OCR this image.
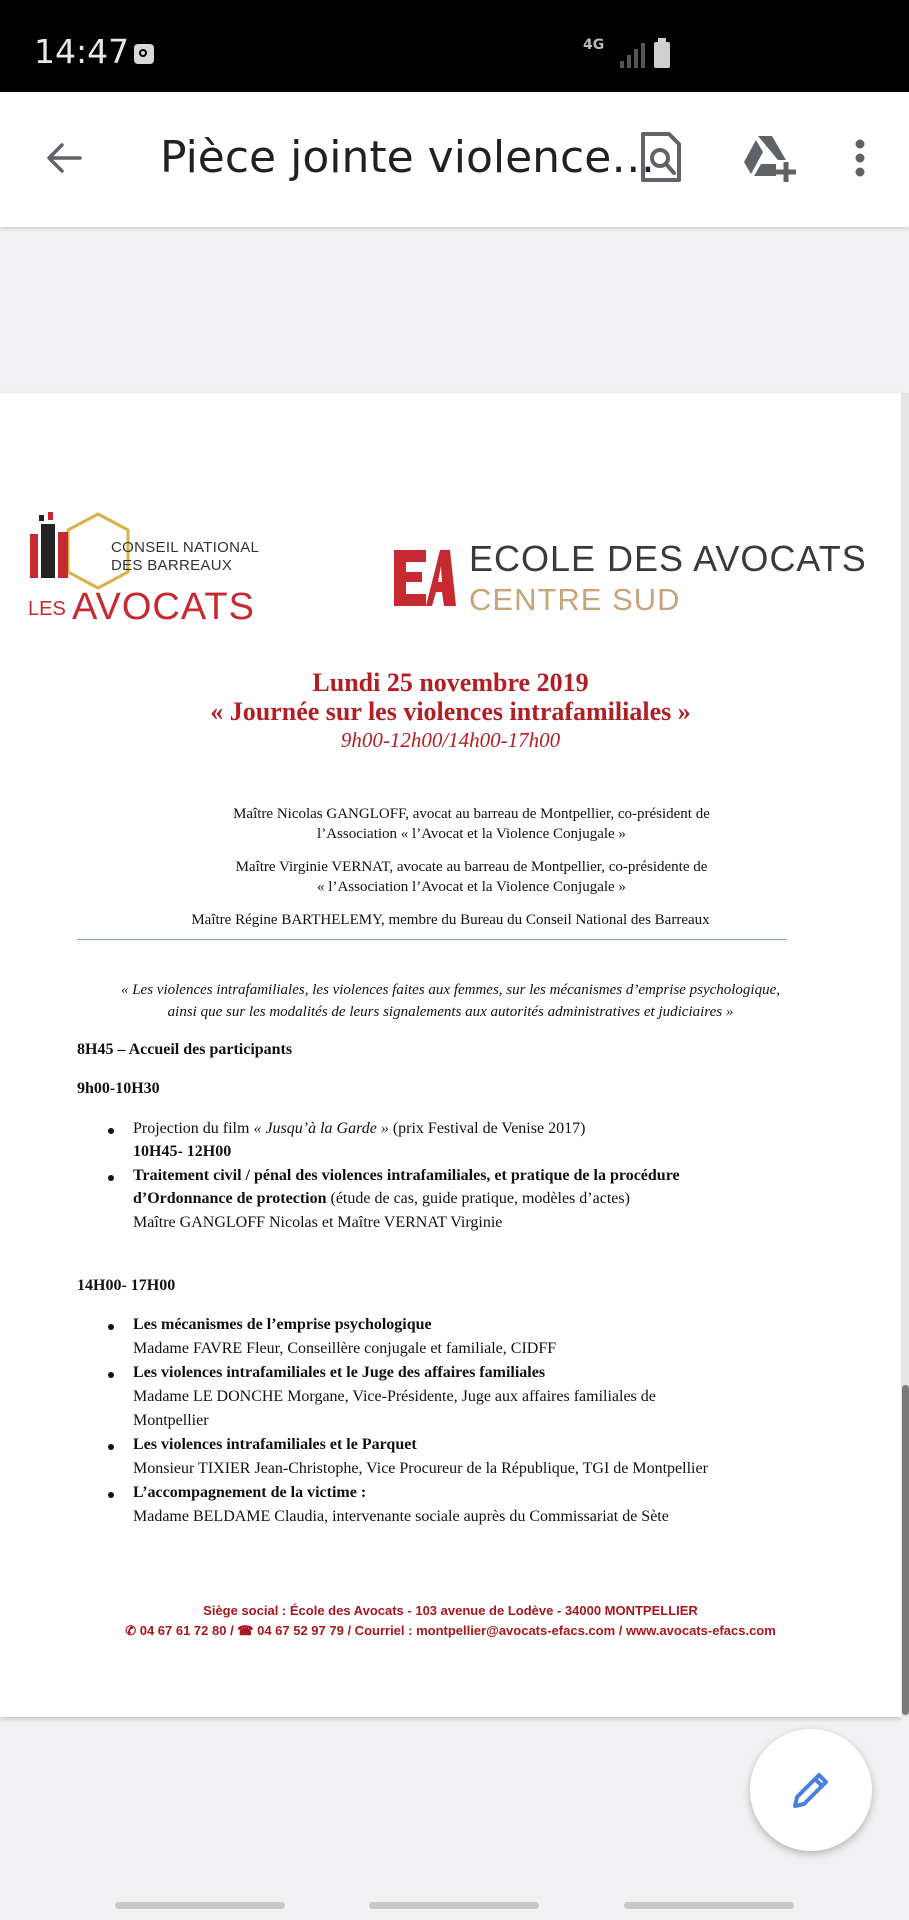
14:47	4G
Pièce jointe violence…
CONSEIL NATIONAL
DES BARREAUX
LES AVOCATS
ECOLE DES AVOCATS
CENTRE SUD
Lundi 25 novembre 2019
« Journée sur les violences intrafamiliales »
9h00-12h00/14h00-17h00
Maître Nicolas GANGLOFF, avocat au barreau de Montpellier, co-président de
l’Association « l’Avocat et la Violence Conjugale »
Maître Virginie VERNAT, avocate au barreau de Montpellier, co-présidente de
« l’Association l’Avocat et la Violence Conjugale »
Maître Régine BARTHELEMY, membre du Bureau du Conseil National des Barreaux
« Les violences intrafamiliales, les violences faites aux femmes, sur les mécanismes d’emprise psychologique,
ainsi que sur les modalités de leurs signalements aux autorités administratives et judiciaires »
8H45 – Accueil des participants
9h00-10H30
Projection du film « Jusqu’à la Garde » (prix Festival de Venise 2017)
10H45- 12H00
Traitement civil / pénal des violences intrafamiliales, et pratique de la procédure
d’Ordonnance de protection (étude de cas, guide pratique, modèles d’actes)
Maître GANGLOFF Nicolas et Maître VERNAT Virginie
14H00- 17H00
Les mécanismes de l’emprise psychologique
Madame FAVRE Fleur, Conseillère conjugale et familiale, CIDFF
Les violences intrafamiliales et le Juge des affaires familiales
Madame LE DONCHE Morgane, Vice-Présidente, Juge aux affaires familiales de
Montpellier
Les violences intrafamiliales et le Parquet
Monsieur TIXIER Jean-Christophe, Vice Procureur de la République, TGI de Montpellier
L’accompagnement de la victime :
Madame BELDAME Claudia, intervenante sociale auprès du Commissariat de Sète
Siège social : École des Avocats - 103 avenue de Lodève - 34000 MONTPELLIER
✆ 04 67 61 72 80 / ☎ 04 67 52 97 79 / Courriel : montpellier@avocats-efacs.com / www.avocats-efacs.com
